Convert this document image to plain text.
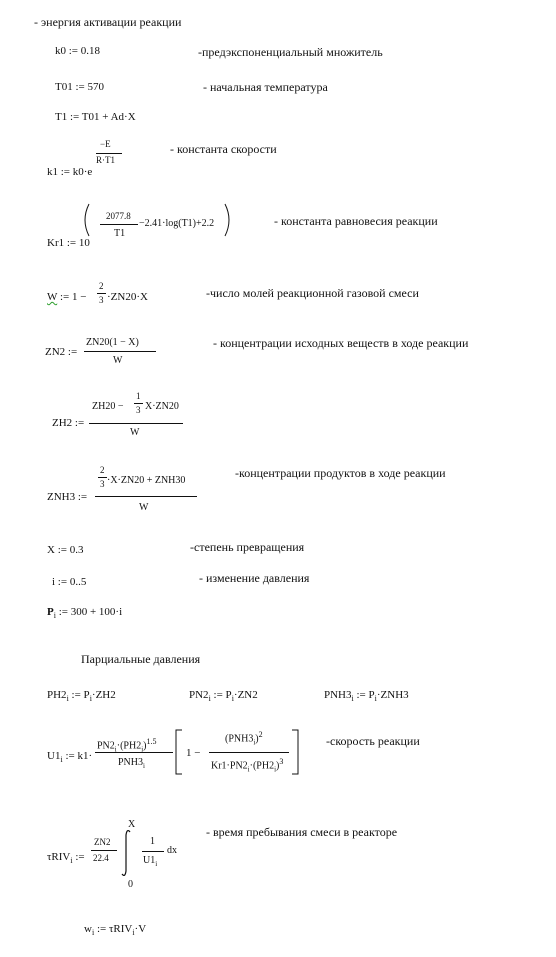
- энергия активации реакции
k0 := 0.18	-предэкспоненциальный множитель
T01 := 570	- начальная температура
T1 := T01 + Ad·X
k1 := k0·e
−E
R·T1
- константа скорости
Kr1 := 10
2077.8
T1
−2.41·log(T1)+2.2	- константа равновесия реакции
W := 1 −
2
3 ·ZN20·X	-число молей реакционной газовой смеси
ZN2 :=
ZN20(1 − X)
W
- концентрации исходных веществ в ходе реакции
ZH2 :=
ZH20 −
1
3 X·ZN20
W
ZNH3 :=
2
3 ·X·ZN20 + ZNH30
W
-концентрации продуктов в ходе реакции
X := 0.3	-степень превращения
i := 0..5	- изменение давления
$P_i$ := 300 + 100·i
Парциальные давления
$PH2_i$ := $P_i\cdot ZH2$	$PN2_i$ := $P_i\cdot ZN2$	$PNH3_i$ := $P_i\cdot ZNH3$
$U1_i$ := k1·
$PN2_i\cdot(PH2_i)^{1.5}$
$PNH3_i$
1 −
$(PNH3_i)^2$
$Kr1\cdot PN2_i\cdot(PH2_i)^3$
-скорость реакции
τRIV$_i$ :=
ZN2
22.4
X
0
1
$U1_i$
dx
- время пребывания смеси в реакторе
$w_i$ := τRIV$_i$·V
